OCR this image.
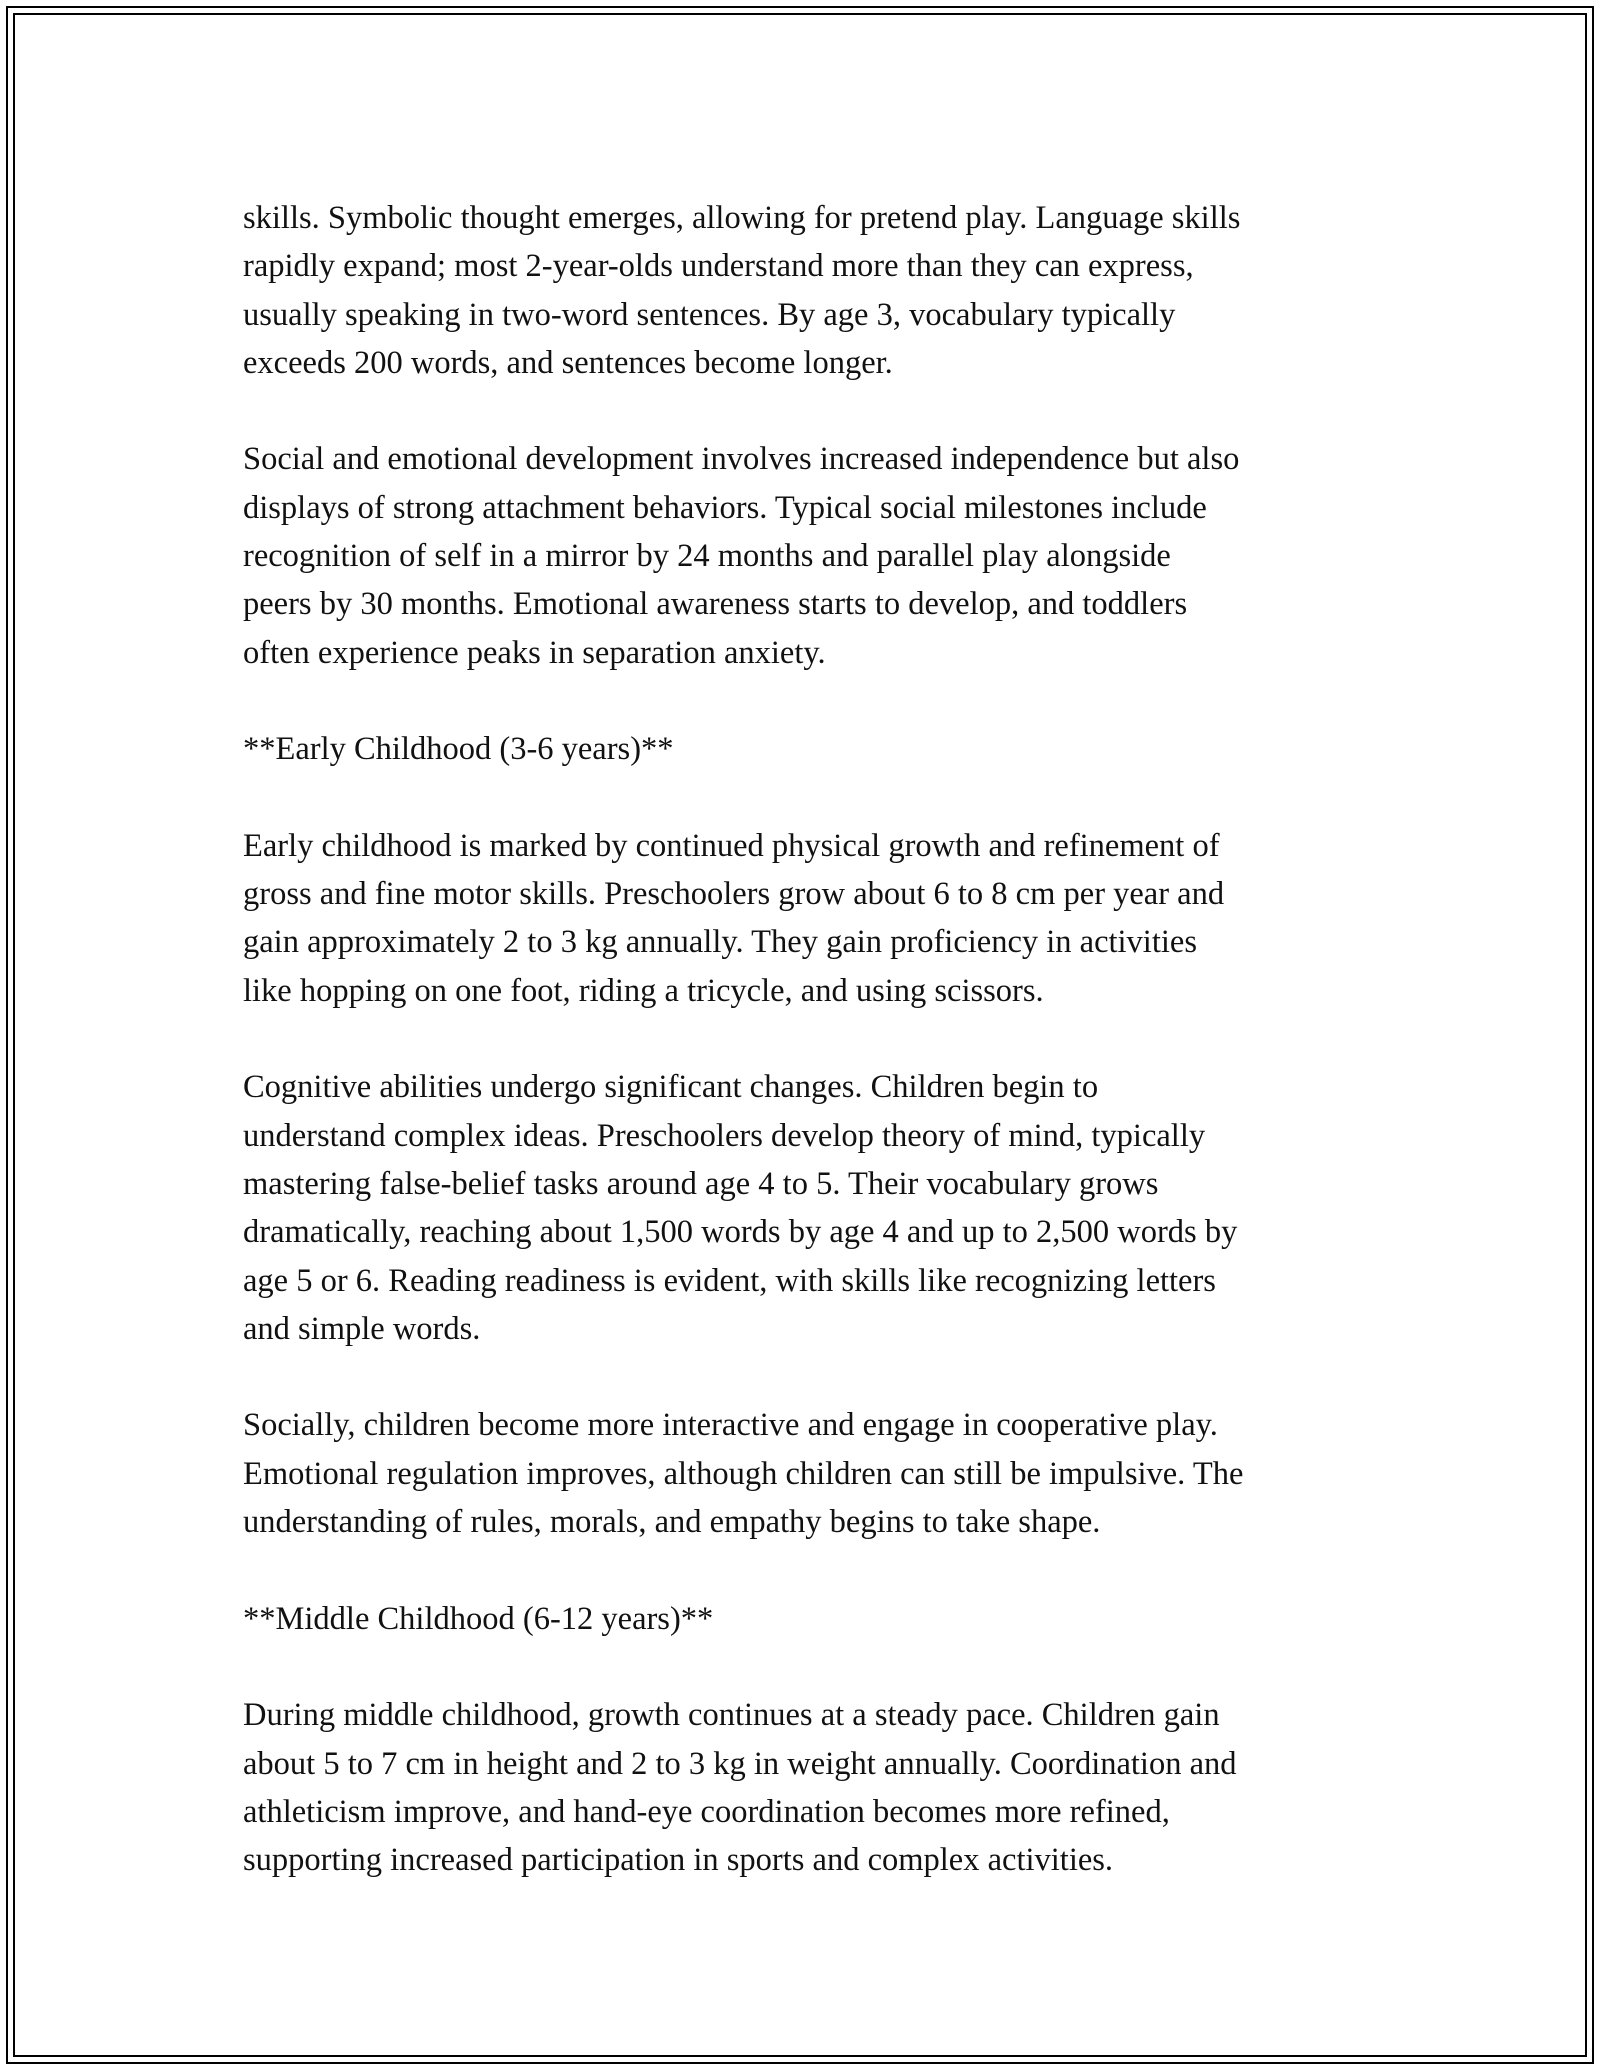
skills. Symbolic thought emerges, allowing for pretend play. Language skills
rapidly expand; most 2-year-olds understand more than they can express,
usually speaking in two-word sentences. By age 3, vocabulary typically
exceeds 200 words, and sentences become longer.

Social and emotional development involves increased independence but also
displays of strong attachment behaviors. Typical social milestones include
recognition of self in a mirror by 24 months and parallel play alongside
peers by 30 months. Emotional awareness starts to develop, and toddlers
often experience peaks in separation anxiety.

**Early Childhood (3-6 years)**

Early childhood is marked by continued physical growth and refinement of
gross and fine motor skills. Preschoolers grow about 6 to 8 cm per year and
gain approximately 2 to 3 kg annually. They gain proficiency in activities
like hopping on one foot, riding a tricycle, and using scissors.

Cognitive abilities undergo significant changes. Children begin to
understand complex ideas. Preschoolers develop theory of mind, typically
mastering false-belief tasks around age 4 to 5. Their vocabulary grows
dramatically, reaching about 1,500 words by age 4 and up to 2,500 words by
age 5 or 6. Reading readiness is evident, with skills like recognizing letters
and simple words.

Socially, children become more interactive and engage in cooperative play.
Emotional regulation improves, although children can still be impulsive. The
understanding of rules, morals, and empathy begins to take shape.

**Middle Childhood (6-12 years)**

During middle childhood, growth continues at a steady pace. Children gain
about 5 to 7 cm in height and 2 to 3 kg in weight annually. Coordination and
athleticism improve, and hand-eye coordination becomes more refined,
supporting increased participation in sports and complex activities.
